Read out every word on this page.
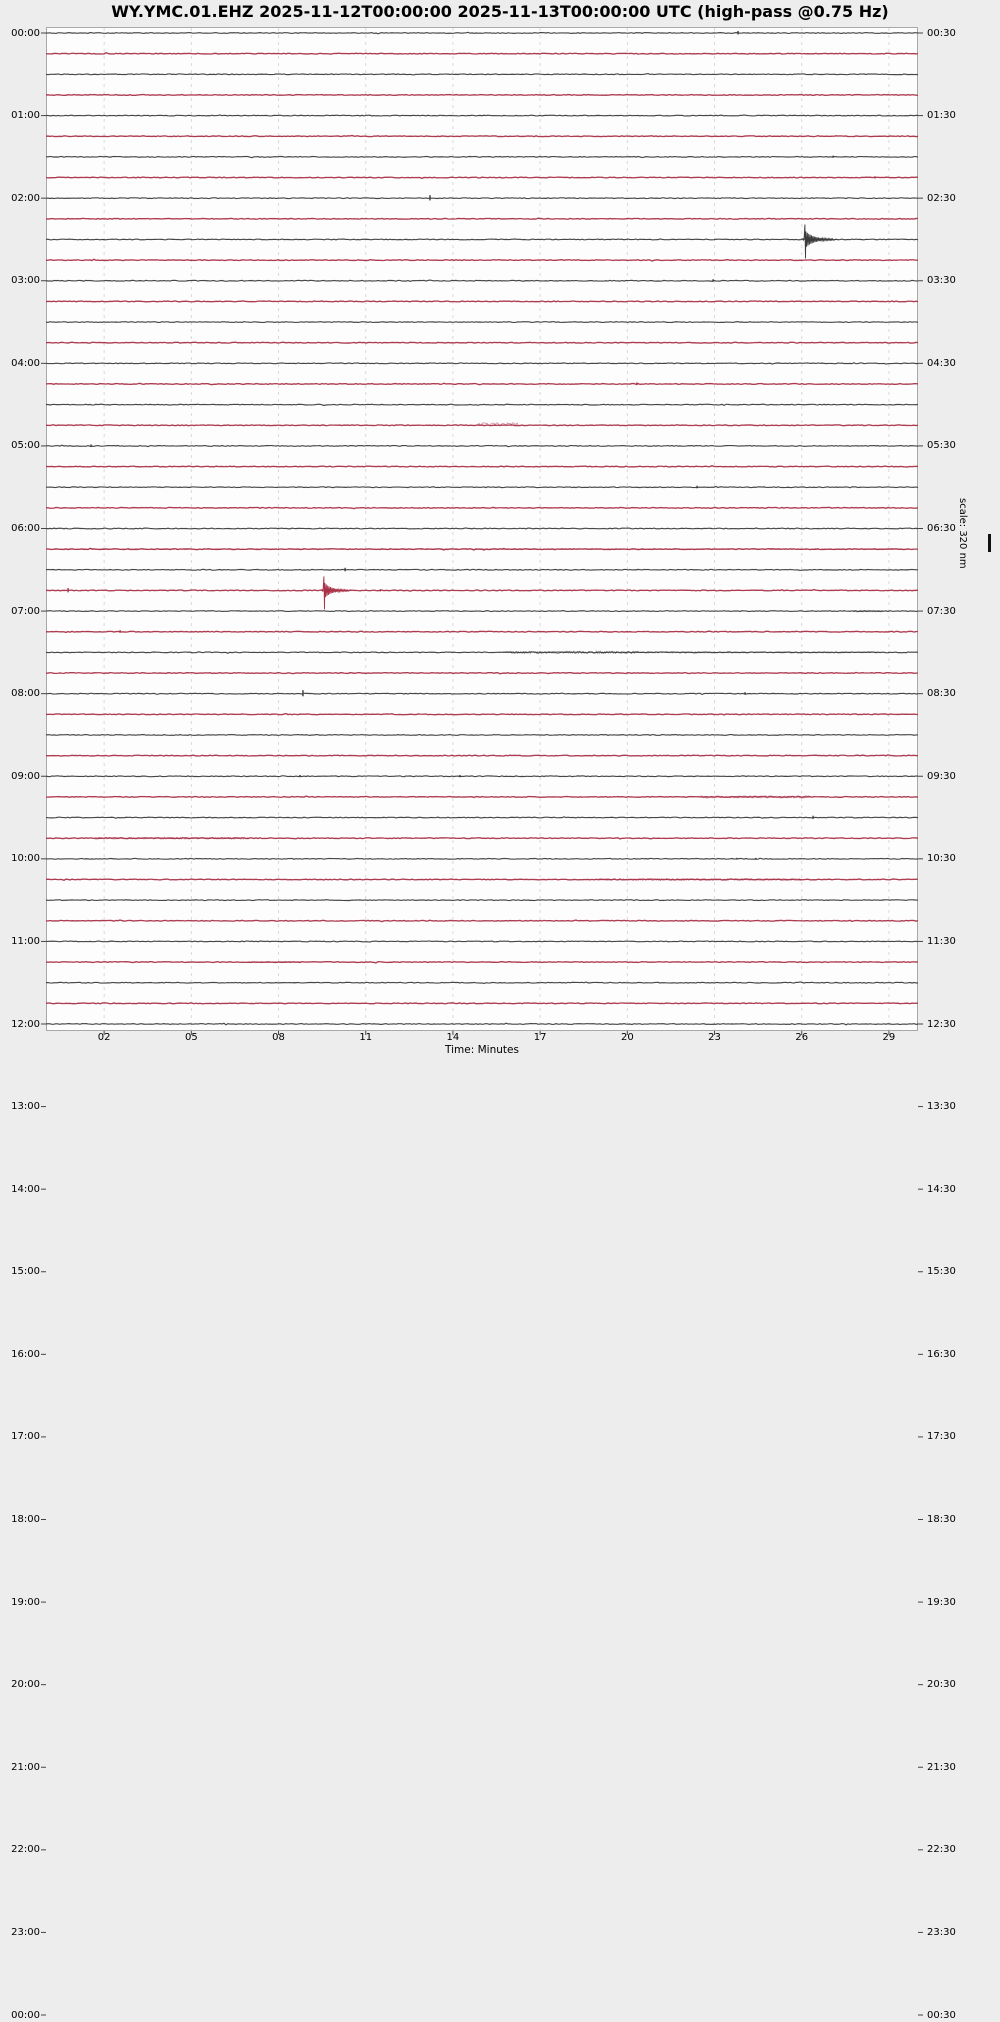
WY.YMC.01.EHZ 2025-11-12T00:00:00 2025-11-13T00:00:00 UTC (high-pass @0.75 Hz)
02	05	08	11	14	17	20	23	26	29
00:00	00:30
01:00	01:30
02:00	02:30
03:00	03:30
04:00	04:30
05:00	05:30
06:00	06:30
07:00	07:30
08:00	08:30
09:00	09:30
10:00	10:30
11:00	11:30
12:00	12:30
13:00	13:30
14:00	14:30
15:00	15:30
16:00	16:30
17:00	17:30
18:00	18:30
19:00	19:30
20:00	20:30
21:00	21:30
22:00	22:30
23:00	23:30
00:00	00:30
Time: Minutes
scale: 320 nm
